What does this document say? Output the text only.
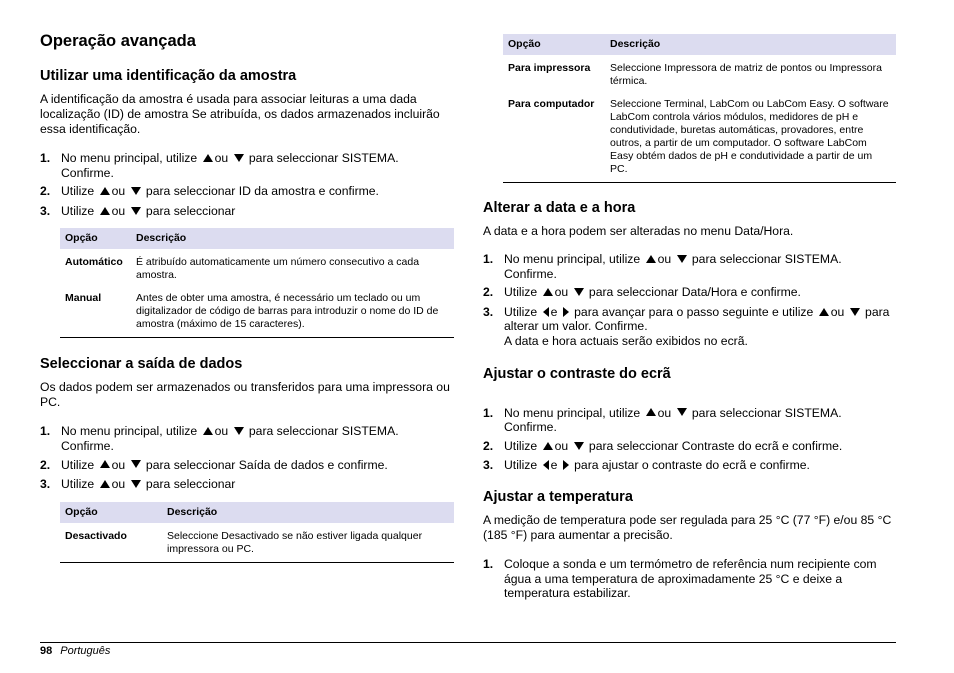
Operação avançada
Utilizar uma identificação da amostra

A identificação da amostra é usada para associar leituras a uma dada localização (ID) de amostra Se atribuída, os dados armazenados incluirão essa identificação.

1. No menu principal, utilize ou para seleccionar SISTEMA. Confirme.
2. Utilize ou para seleccionar ID da amostra e confirme.
3. Utilize ou para seleccionar
Opção	Descrição
Automático	É atribuído automaticamente um número consecutivo a cada amostra.
Manual	Antes de obter uma amostra, é necessário um teclado ou um digitalizador de código de barras para introduzir o nome do ID de amostra (máximo de 15 caracteres).
Seleccionar a saída de dados

Os dados podem ser armazenados ou transferidos para uma impressora ou PC.

1. No menu principal, utilize ou para seleccionar SISTEMA. Confirme.
2. Utilize ou para seleccionar Saída de dados e confirme.
3. Utilize ou para seleccionar
Opção	Descrição
Desactivado	Seleccione Desactivado se não estiver ligada qualquer impressora ou PC.
Opção	Descrição
Para impressora	Seleccione Impressora de matriz de pontos ou Impressora térmica.
Para computador	Seleccione Terminal, LabCom ou LabCom Easy. O software LabCom controla vários módulos, medidores de pH e condutividade, buretas automáticas, provadores, entre outros, a partir de um computador. O software LabCom Easy obtém dados de pH e condutividade a partir de um PC.
Alterar a data e a hora

A data e a hora podem ser alteradas no menu Data/Hora.

1. No menu principal, utilize ou para seleccionar SISTEMA. Confirme.
2. Utilize ou para seleccionar Data/Hora e confirme.
3. Utilize e para avançar para o passo seguinte e utilize ou para alterar um valor. Confirme.
A data e hora actuais serão exibidos no ecrã.
Ajustar o contraste do ecrã
1. No menu principal, utilize ou para seleccionar SISTEMA. Confirme.
2. Utilize ou para seleccionar Contraste do ecrã e confirme.
3. Utilize e para ajustar o contraste do ecrã e confirme.
Ajustar a temperatura

A medição de temperatura pode ser regulada para 25 °C (77 °F) e/ou 85 °C (185 °F) para aumentar a precisão.

1. Coloque a sonda e um termómetro de referência num recipiente com água a uma temperatura de aproximadamente 25 °C e deixe a temperatura estabilizar.
98 Português
